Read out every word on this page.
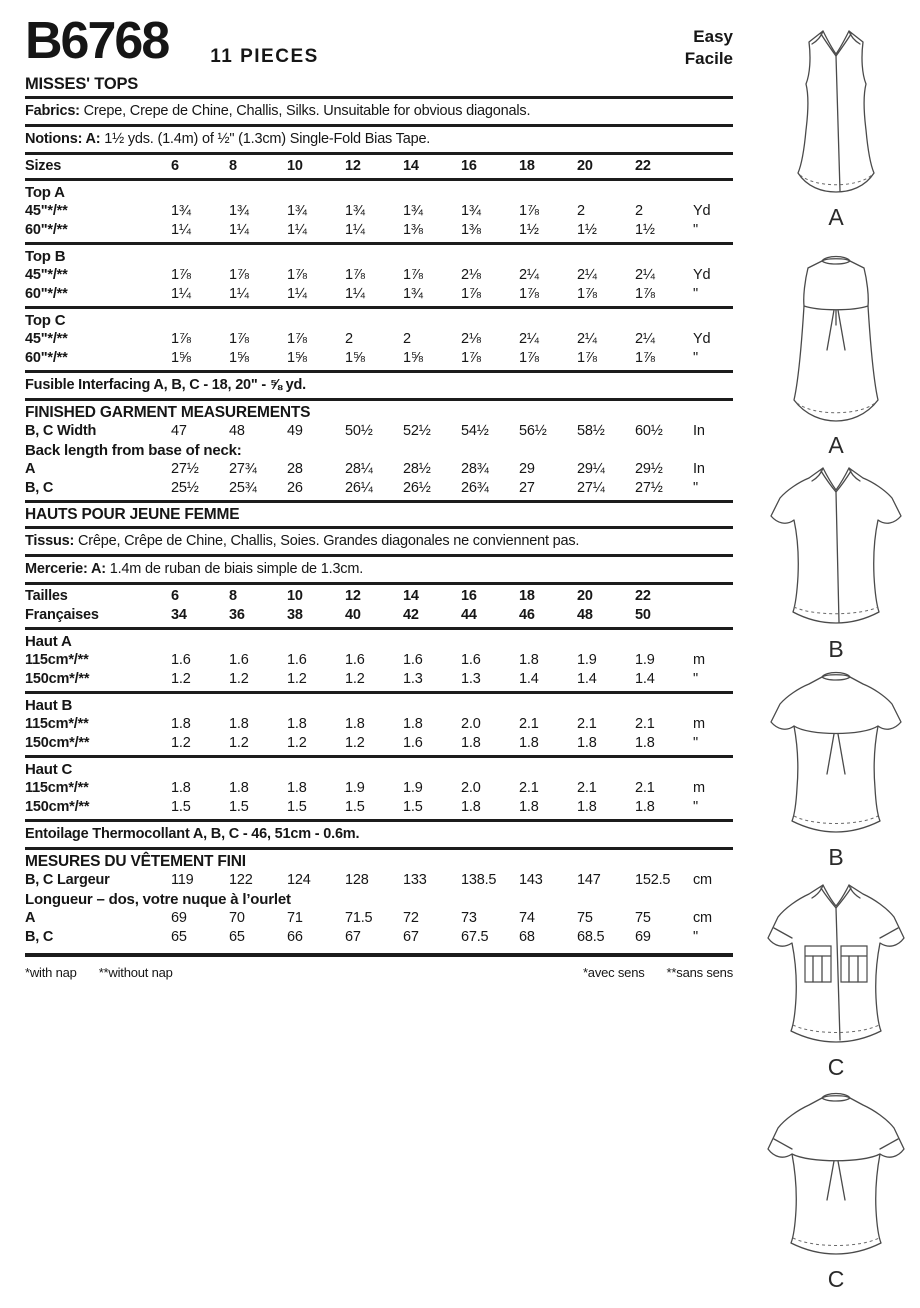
B6768 11 PIECES
Easy
Facile
MISSES' TOPS
Fabrics: Crepe, Crepe de Chine, Challis, Silks. Unsuitable for obvious diagonals.
Notions: A: 1½ yds. (1.4m) of ½" (1.3cm) Single-Fold Bias Tape.
Sizes	6	8	10	12	14	16	18	20	22
Top A
45"*/**	1¾	1¾	1¾	1¾	1¾	1¾	1⅞	2	2	Yd
60"*/**	1¼	1¼	1¼	1¼	1⅜	1⅜	1½	1½	1½	"
Top B
45"*/**	1⅞	1⅞	1⅞	1⅞	1⅞	2⅛	2¼	2¼	2¼	Yd
60"*/**	1¼	1¼	1¼	1¼	1¾	1⅞	1⅞	1⅞	1⅞	"
Top C
45"*/**	1⅞	1⅞	1⅞	2	2	2⅛	2¼	2¼	2¼	Yd
60"*/**	1⅝	1⅝	1⅝	1⅝	1⅝	1⅞	1⅞	1⅞	1⅞	"
Fusible Interfacing A, B, C - 18, 20" - ⅝ yd.
FINISHED GARMENT MEASUREMENTS
B, C Width	47	48	49	50½	52½	54½	56½	58½	60½	In
Back length from base of neck:
A	27½	27¾	28	28¼	28½	28¾	29	29¼	29½	In
B, C	25½	25¾	26	26¼	26½	26¾	27	27¼	27½	"
HAUTS POUR JEUNE FEMME
Tissus: Crêpe, Crêpe de Chine, Challis, Soies. Grandes diagonales ne conviennent pas.
Mercerie: A: 1.4m de ruban de biais simple de 1.3cm.
Tailles	6	8	10	12	14	16	18	20	22
Françaises	34	36	38	40	42	44	46	48	50
Haut A
115cm*/**	1.6	1.6	1.6	1.6	1.6	1.6	1.8	1.9	1.9	m
150cm*/**	1.2	1.2	1.2	1.2	1.3	1.3	1.4	1.4	1.4	"
Haut B
115cm*/**	1.8	1.8	1.8	1.8	1.8	2.0	2.1	2.1	2.1	m
150cm*/**	1.2	1.2	1.2	1.2	1.6	1.8	1.8	1.8	1.8	"
Haut C
115cm*/**	1.8	1.8	1.8	1.9	1.9	2.0	2.1	2.1	2.1	m
150cm*/**	1.5	1.5	1.5	1.5	1.5	1.8	1.8	1.8	1.8	"
Entoilage Thermocollant A, B, C - 46, 51cm - 0.6m.
MESURES DU VÊTEMENT FINI
B, C Largeur	119	122	124	128	133	138.5	143	147	152.5	cm
Longueur – dos, votre nuque à l’ourlet
A	69	70	71	71.5	72	73	74	75	75	cm
B, C	65	65	66	67	67	67.5	68	68.5	69	"
*with nap **without nap	*avec sens **sans sens
A
A
B
B
C
C
